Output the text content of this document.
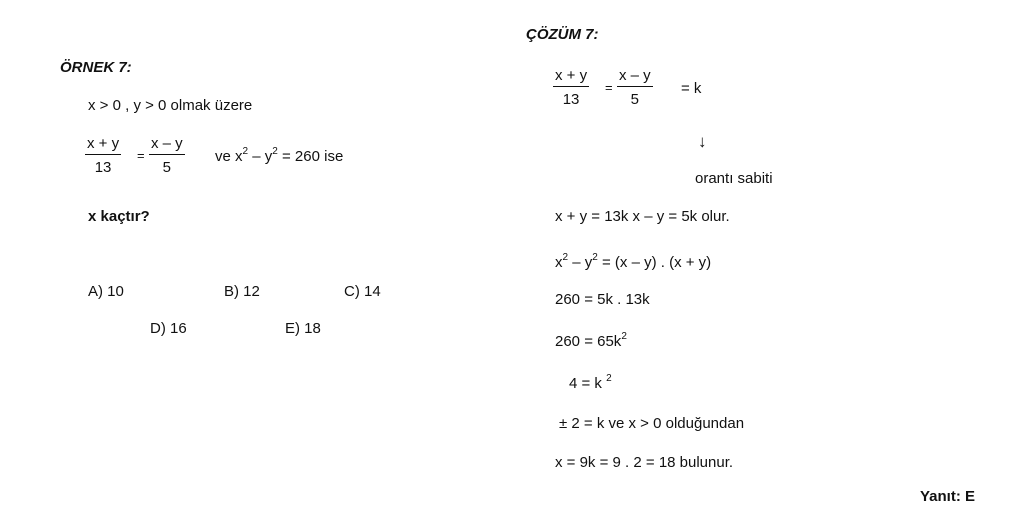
ÖRNEK 7:
x > 0 , y > 0 olmak üzere
$\frac{x + y}{13} = \frac{x - y}{5}$ ve $x^2 - y^2 = 260$ ise
x kaçtır?
A) 10	B) 12	C) 14
D) 16	E) 18
ÇÖZÜM 7:
$\frac{x + y}{13} = \frac{x - y}{5} = k$
↓
orantı sabiti
x + y = 13k x – y = 5k olur.
$x^2 - y^2 = (x - y)$ . (x + y)
260 = 5k . 13k
$260 = 65k^2$
4 = k $^2$
± 2 = k ve x > 0 olduğundan
x = 9k = 9 . 2 = 18 bulunur.
Yanıt: E
